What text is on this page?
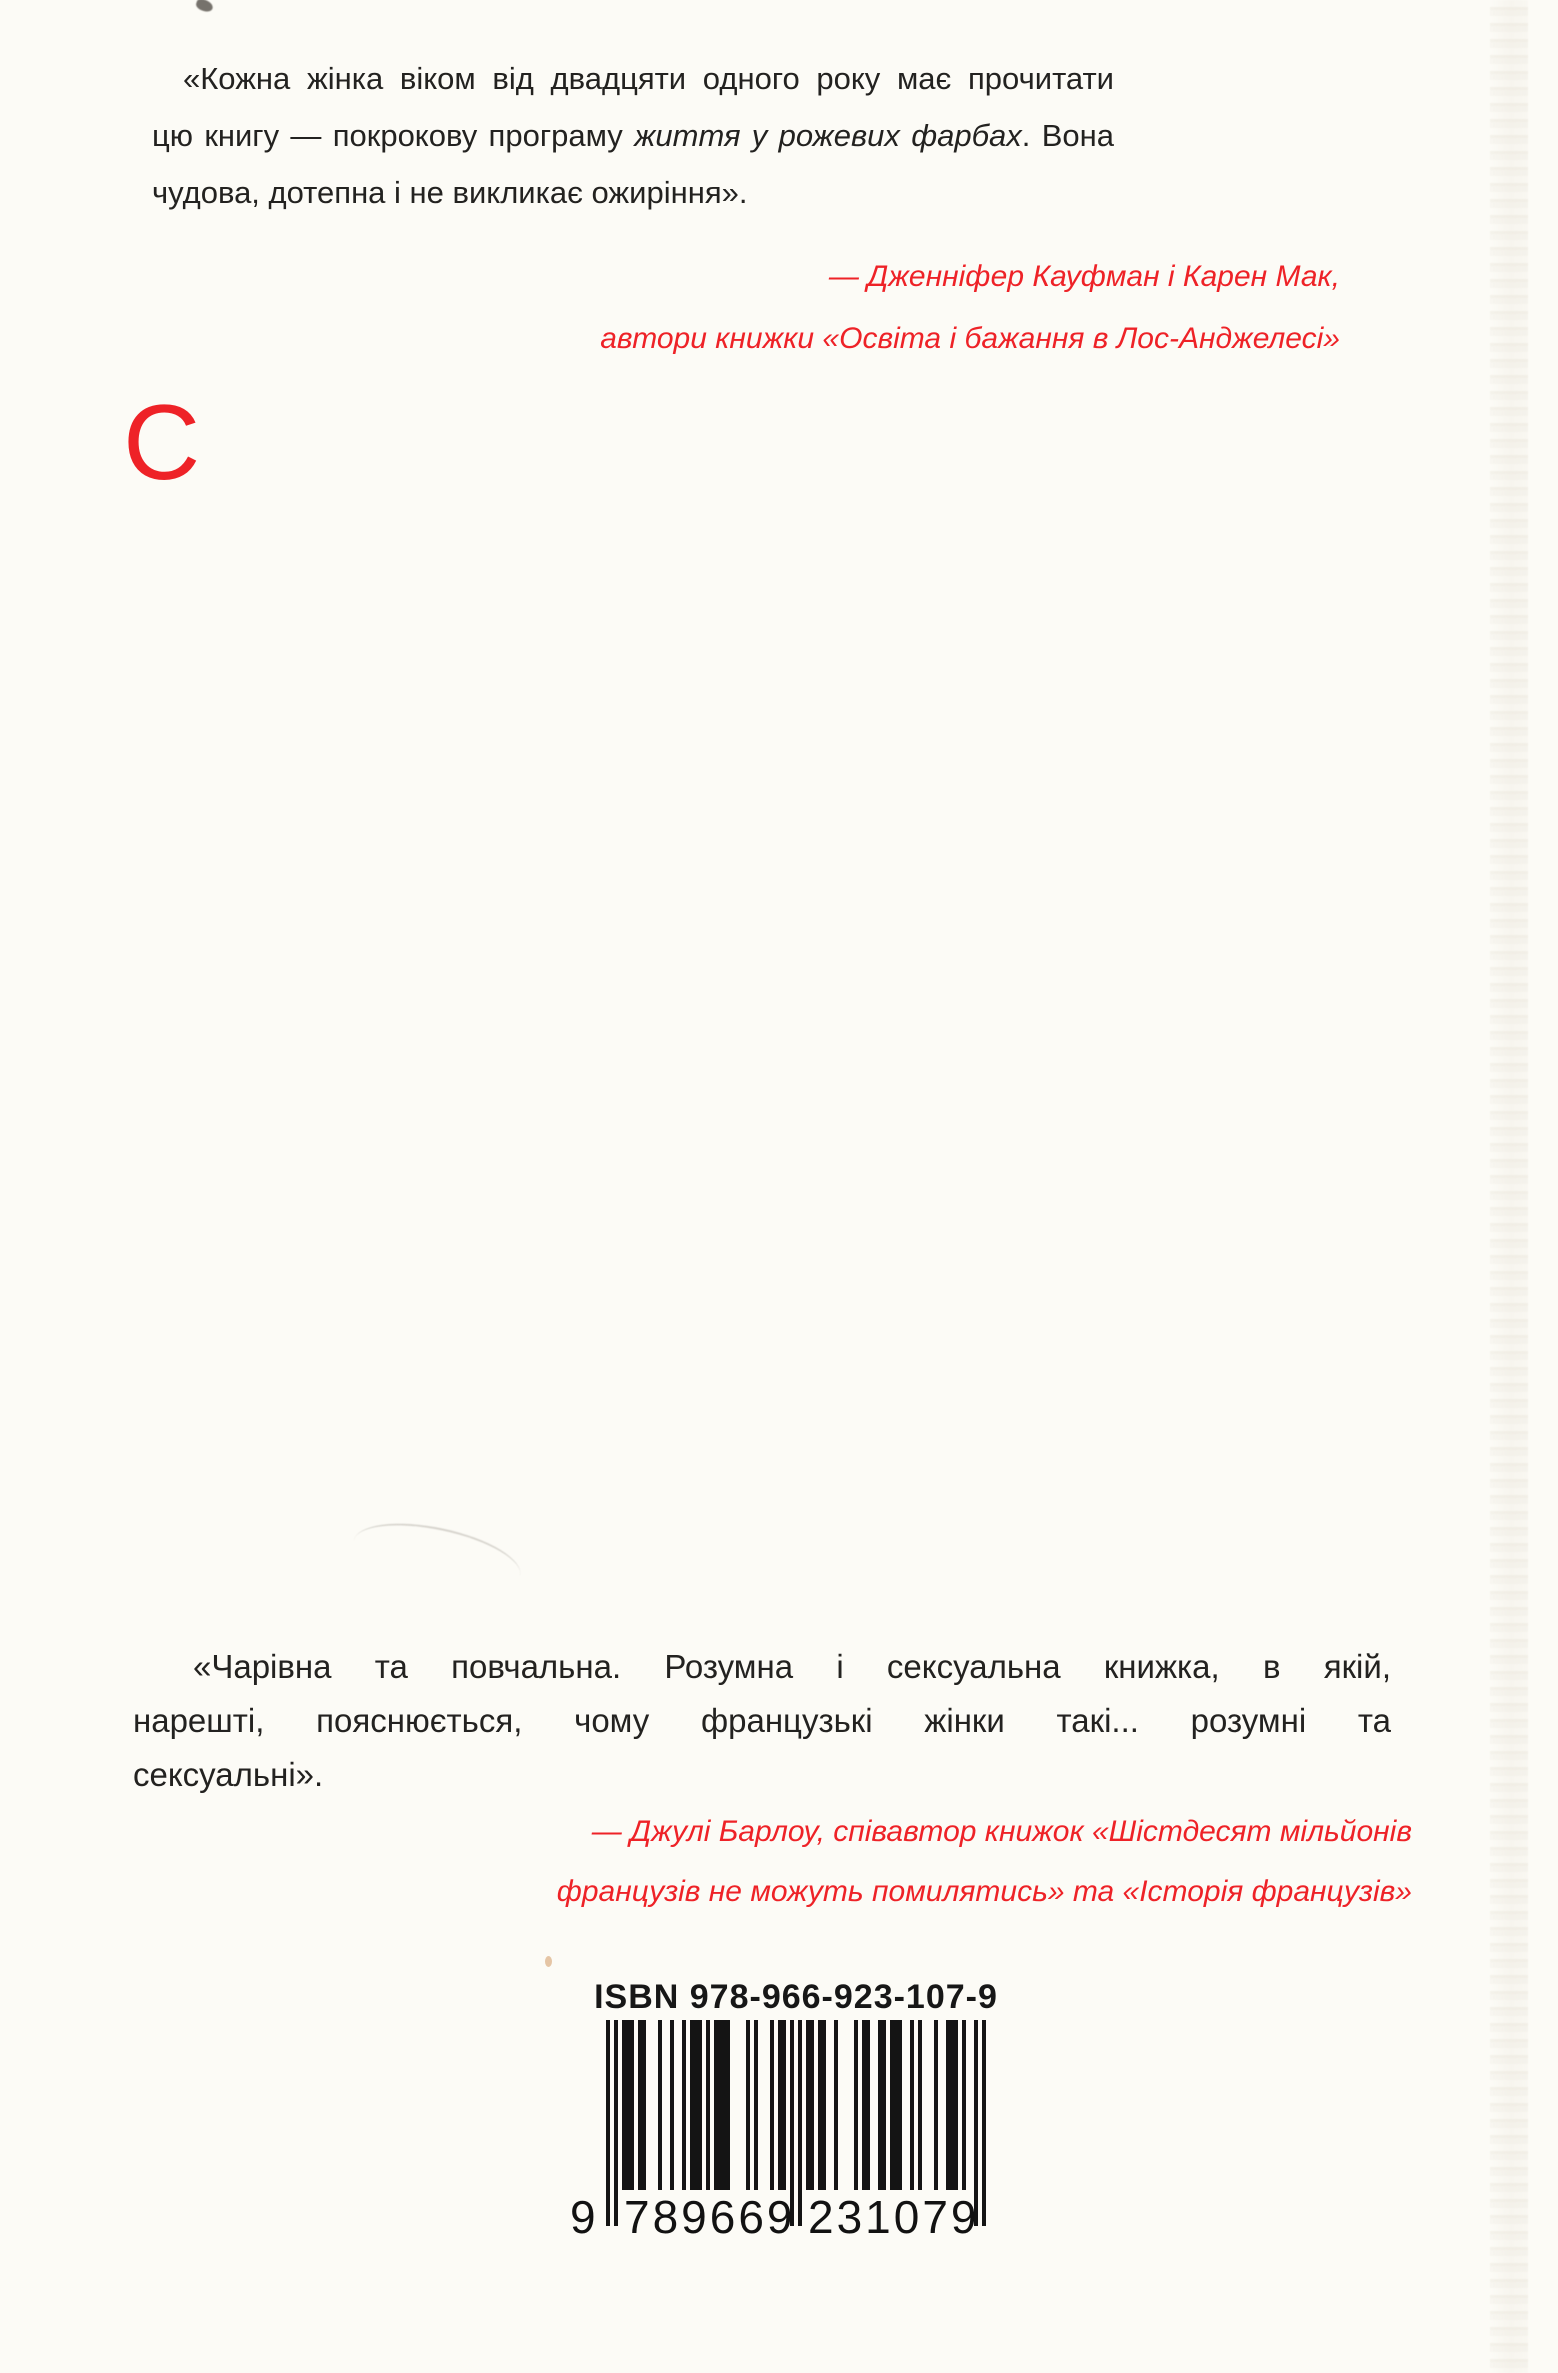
«Кожна жінка віком від двадцяти одного року має прочитати
цю книгу — покрокову програму життя у рожевих фарбах. Вона
чудова, дотепна і не викликає ожиріння».
— Дженніфер Кауфман і Карен Мак,
автори книжки «Освіта і бажання в Лос-Анджелесі»
С
«Чарівна та повчальна. Розумна і сексуальна книжка, в якій,
нарешті, пояснюється, чому французькі жінки такі... розумні та
сексуальні».
— Джулі Барлоу, співавтор книжок «Шістдесят мільйонів
французів не можуть помилятись» та «Історія французів»
ISBN 978-966-923-107-9
9 789669 231079
